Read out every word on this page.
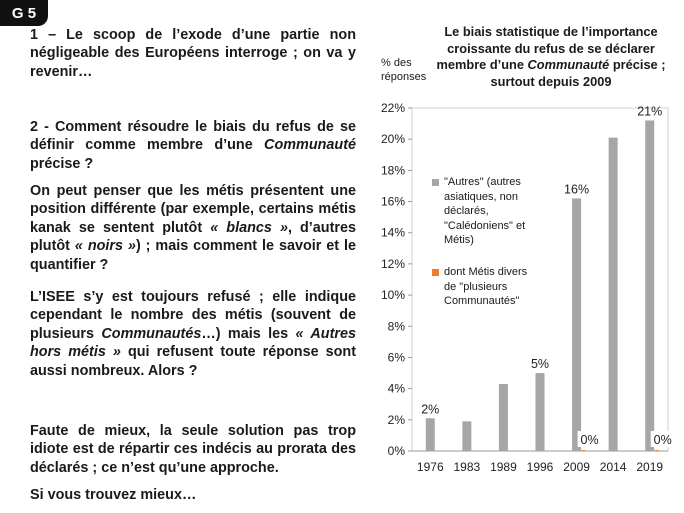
G 5

1 – Le scoop de l’exode d’une partie non négligeable des Européens interroge ; on va y revenir…

2 - Comment résoudre le biais du refus de se définir comme membre d’une Communauté précise ?

On peut penser que les métis présentent une position différente (par exemple, certains métis kanak se sentent plutôt « blancs », d’autres plutôt « noirs ») ; mais comment le savoir et le quantifier ?

L’ISEE s’y est toujours refusé ; elle indique cependant le nombre des métis (souvent de plusieurs Communautés…) mais les « Autres hors métis » qui refusent toute réponse sont aussi nombreux. Alors ?

Faute de mieux, la seule solution pas trop idiote est de répartir ces indécis au prorata des déclarés ; ce n’est qu’une approche.

Si vous trouvez mieux…

Le biais statistique de l’importance croissante du refus de se déclarer membre d’une Communauté précise ; surtout depuis 2009
% des réponses
0%
2%
4%
6%
8%
10%
12%
14%
16%
18%
20%
22%
2%
1976 1983 1989
5%
1996
16%
0%
2009 2014
21%
0%
2019
"Autres" (autres
asiatiques, non
déclarés,
"Calédoniens" et
Métis)
dont Métis divers
de "plusieurs
Communautés"
